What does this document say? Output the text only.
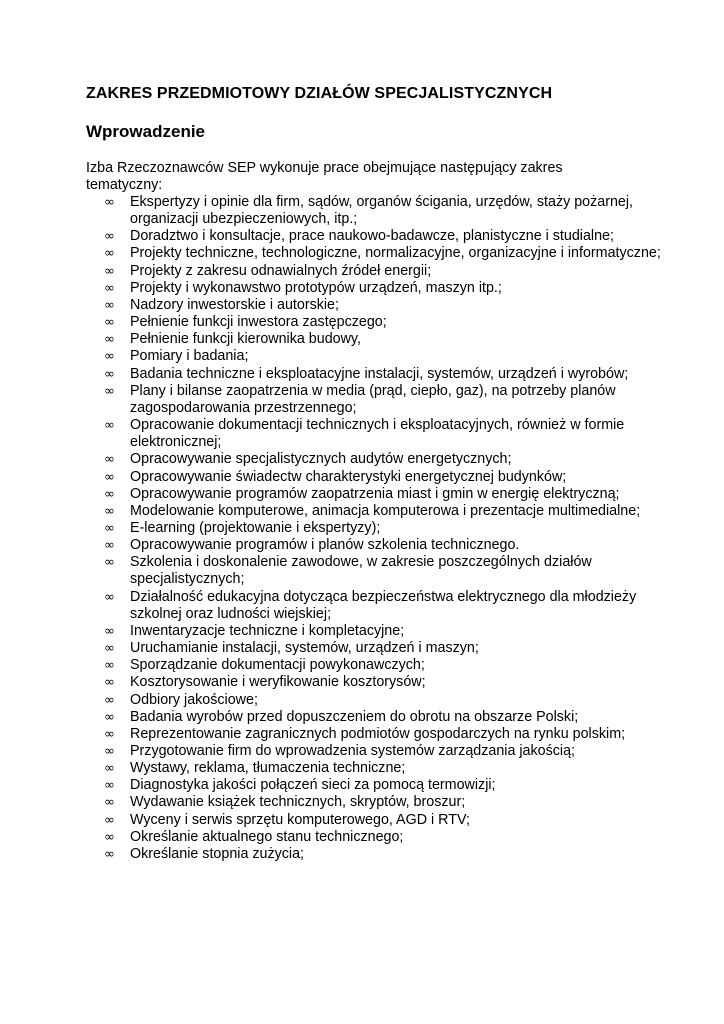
ZAKRES PRZEDMIOTOWY DZIAŁÓW SPECJALISTYCZNYCH
Wprowadzenie

Izba Rzeczoznawców SEP wykonuje prace obejmujące następujący zakres tematyczny:

∞ Ekspertyzy i opinie dla firm, sądów, organów ścigania, urzędów, staży pożarnej, organizacji ubezpieczeniowych, itp.;
∞ Doradztwo i konsultacje, prace naukowo-badawcze, planistyczne i studialne;
∞ Projekty techniczne, technologiczne, normalizacyjne, organizacyjne i informatyczne;
∞ Projekty z zakresu odnawialnych źródeł energii;
∞ Projekty i wykonawstwo prototypów urządzeń, maszyn itp.;
∞ Nadzory inwestorskie i autorskie;
∞ Pełnienie funkcji inwestora zastępczego;
∞ Pełnienie funkcji kierownika budowy,
∞ Pomiary i badania;
∞ Badania techniczne i eksploatacyjne instalacji, systemów, urządzeń i wyrobów;
∞ Plany i bilanse zaopatrzenia w media (prąd, ciepło, gaz), na potrzeby planów zagospodarowania przestrzennego;
∞ Opracowanie dokumentacji technicznych i eksploatacyjnych, również w formie elektronicznej;
∞ Opracowywanie specjalistycznych audytów energetycznych;
∞ Opracowywanie świadectw charakterystyki energetycznej budynków;
∞ Opracowywanie programów zaopatrzenia miast i gmin w energię elektryczną;
∞ Modelowanie komputerowe, animacja komputerowa i prezentacje multimedialne;
∞ E-learning (projektowanie i ekspertyzy);
∞ Opracowywanie programów i planów szkolenia technicznego.
∞ Szkolenia i doskonalenie zawodowe, w zakresie poszczególnych działów specjalistycznych;
∞ Działalność edukacyjna dotycząca bezpieczeństwa elektrycznego dla młodzieży szkolnej oraz ludności wiejskiej;
∞ Inwentaryzacje techniczne i kompletacyjne;
∞ Uruchamianie instalacji, systemów, urządzeń i maszyn;
∞ Sporządzanie dokumentacji powykonawczych;
∞ Kosztorysowanie i weryfikowanie kosztorysów;
∞ Odbiory jakościowe;
∞ Badania wyrobów przed dopuszczeniem do obrotu na obszarze Polski;
∞ Reprezentowanie zagranicznych podmiotów gospodarczych na rynku polskim;
∞ Przygotowanie firm do wprowadzenia systemów zarządzania jakością;
∞ Wystawy, reklama, tłumaczenia techniczne;
∞ Diagnostyka jakości połączeń sieci za pomocą termowizji;
∞ Wydawanie książek technicznych, skryptów, broszur;
∞ Wyceny i serwis sprzętu komputerowego, AGD i RTV;
∞ Określanie aktualnego stanu technicznego;
∞ Określanie stopnia zużycia;
